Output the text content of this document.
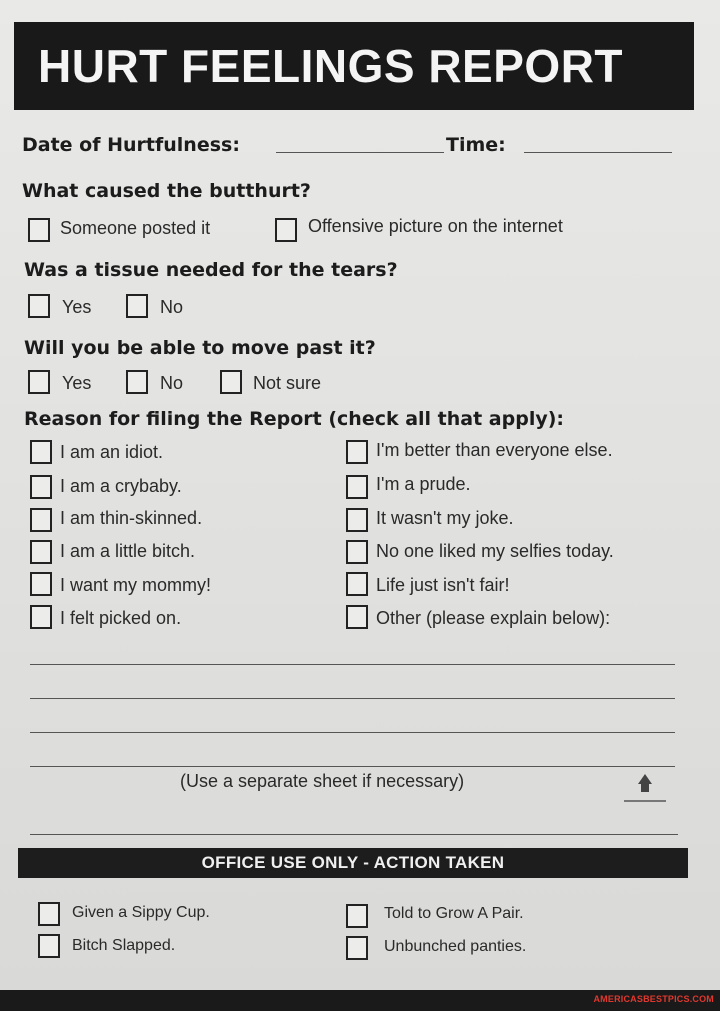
HURT FEELINGS REPORT
Date of Hurtfulness:	Time:
What caused the butthurt?
Someone posted it	Offensive picture on the internet
Was a tissue needed for the tears?
Yes	No
Will you be able to move past it?
Yes	No	Not sure
Reason for filing the Report (check all that apply):
I am an idiot.
I am a crybaby.
I am thin-skinned.
I am a little bitch.
I want my mommy!
I felt picked on.
I'm better than everyone else.
I'm a prude.
It wasn't my joke.
No one liked my selfies today.
Life just isn't fair!
Other (please explain below):
(Use a separate sheet if necessary)
OFFICE USE ONLY - ACTION TAKEN
Given a Sippy Cup.
Bitch Slapped.
Told to Grow A Pair.
Unbunched panties.
AMERICASBESTPICS.COM
